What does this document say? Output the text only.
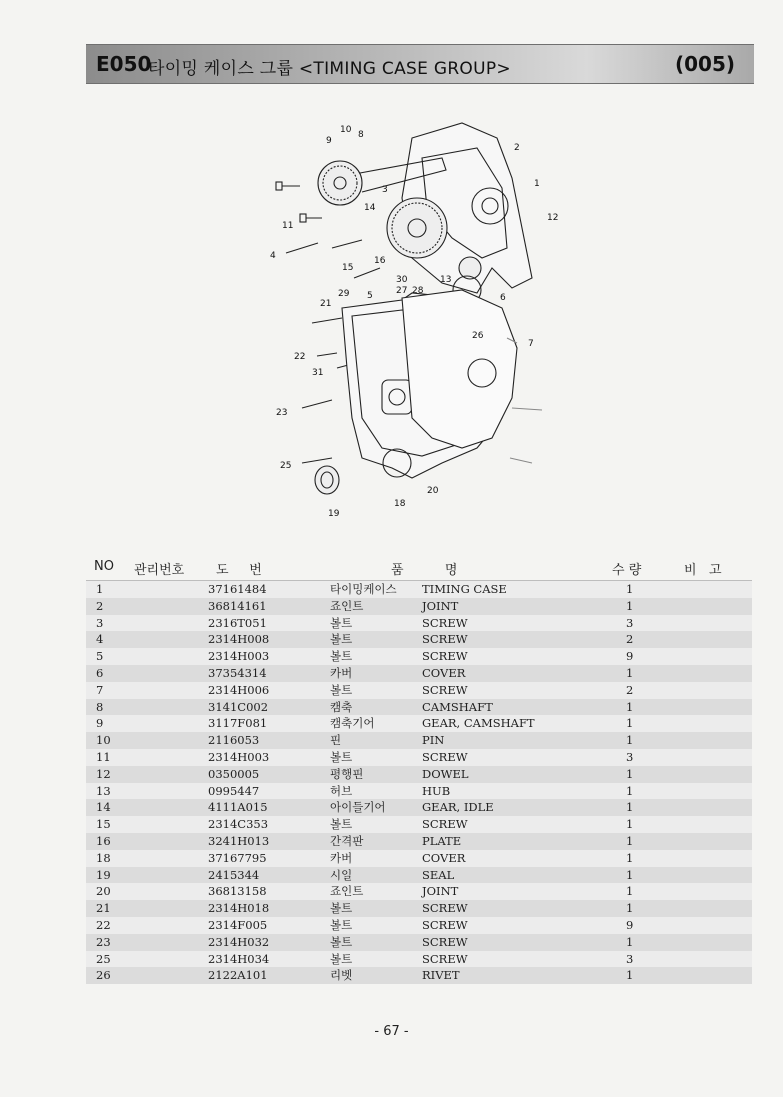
E050
타이밍 케이스 그룹 <TIMING CASE GROUP>	(005)
9
10 8
2
1
3
14
12
11
4
15
16
30
5	27 28
13
6
21
29
26
7
22
31
23
25
20
18
19
NO 관리번호 도     번	품          명	수 량	비   고
1	37161484	타이밍케이스 TIMING CASE	1
2	36814161	죠인트	JOINT	1
3	2316T051	볼트	SCREW	3
4	2314H008	볼트	SCREW	2
5	2314H003	볼트	SCREW	9
6	37354314	카버	COVER	1
7	2314H006	볼트	SCREW	2
8	3141C002	캠축	CAMSHAFT	1
9	3117F081	캠축기어	GEAR, CAMSHAFT	1
10	2116053	핀	PIN	1
11	2314H003	볼트	SCREW	3
12	0350005	평행핀	DOWEL	1
13	0995447	허브	HUB	1
14	4111A015	아이들기어	GEAR, IDLE	1
15	2314C353	볼트	SCREW	1
16	3241H013	간격판	PLATE	1
18	37167795	카버	COVER	1
19	2415344	시일	SEAL	1
20	36813158	죠인트	JOINT	1
21	2314H018	볼트	SCREW	1
22	2314F005	볼트	SCREW	9
23	2314H032	볼트	SCREW	1
25	2314H034	볼트	SCREW	3
26	2122A101	리벳	RIVET	1
- 67 -
